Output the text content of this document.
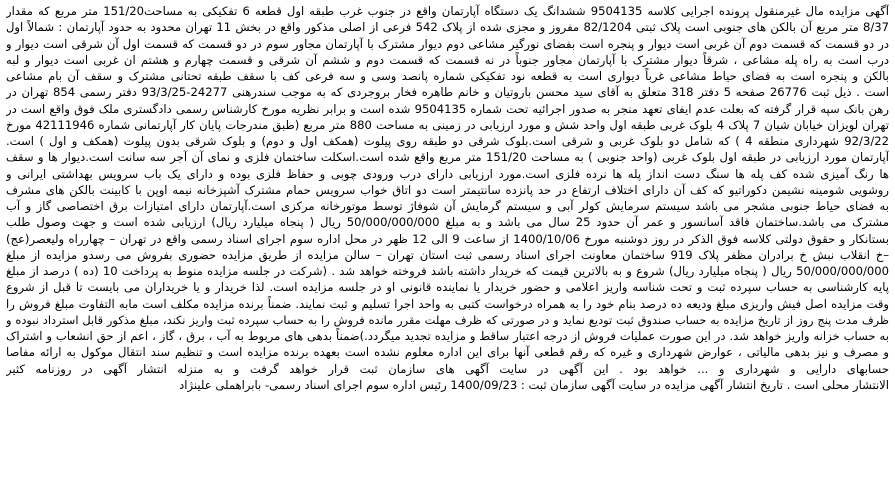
آگهی مزایده مال غیرمنقول پرونده اجرایی کلاسه 9504135 ششدانگ یک دستگاه آپارتمان واقع در جنوب غرب طبقه اول قطعه 6 تفکیکی به مساحت151/20 متر مربع که مقدار
8/37 متر مربع آن بالکن های جنوبی است پلاک ثبتی 82/1204 مفروز و مجزی شده از پلاک 542 فرعی از اصلی مذکور واقع در بخش 11 تهران محدود به حدود آپارتمان : شمالاً اول
در دو قسمت که قسمت دوم آن غربی است دیوار و پنجره است بفضای نورگیر مشاعی دوم دیوار مشترک با آپارتمان مجاور سوم در دو قسمت که قسمت اول آن شرقی است دیوار و
درب است به راه پله مشاعی ، شرقاً دیوار مشترک با آپارتمان مجاور جنوباً در نه قسمت که قسمت دوم و ششم آن شرقی و قسمت چهارم و هشتم ان غربی است دیوار و لبه
بالکن و پنجره است به فضای حیاط مشاعی غرباً دیواری است به قطعه نود تفکیکی شماره پانصد وسی و سه فرعی کف با سقف طبقه تحتانی مشترک و سقف آن بام مشاعی
است . ذیل ثبت 26776 صفحه 5 دفتر 318 متعلق به آقای سید محسن باروتیان و خانم طاهره فخار بروجردی که به موجب سندرهنی 24277-93/3/25 دفتر رسمی 854 تهران در
رهن بانک سپه قرار گرفته که بعلت عدم ایفای تعهد منجر به صدور اجرائیه تحت شماره 9504135 شده است و برابر نظریه مورخ کارشناس رسمی دادگستری ملک فوق واقع است در
تهران لویزان خیابان شیان 7 پلاک 4 بلوک غربی طبقه اول واحد شش و مورد ارزیابی در زمینی به مساحت 880 متر مربع (طبق مندرجات پایان کار آپارتمانی شماره 42111946 مورخ
92/3/22 شهرداری منطقه 4 ) که شامل دو بلوک غربی و شرقی است.بلوک شرقی دو طبقه روی پیلوت (همکف اول و دوم) و بلوک شرقی بدون پیلوت (همکف و اول ) است.
آپارتمان مورد ارزیابی در طبقه اول بلوک غربی (واحد جنوبی ) به مساحت 151/20 متر مربع واقع شده است.اسکلت ساختمان فلزی و نمای آن آجر سه سانت است.دیوار ها و سقف
ها رنگ آمیزی شده کف پله ها سنگ دست انداز پله ها نرده فلزی است.مورد ارزیابی دارای درب ورودی چوبی و حفاظ فلزی بوده و دارای یک باب سرویس بهداشتی ایرانی و
روشویی شومینه نشیمن دکوراتیو که کف آن دارای اختلاف ارتفاع در حد پانزده سانتیمتر است دو اتاق خواب سرویس حمام مشترک آشپزخانه نیمه اوپن با کابینت بالکن های مشرف
به فضای حیاط جنوبی مشجر می باشد سیستم سرمایش کولر آبی و سیستم گرمایش آن شوفاژ توسط موتورخانه مرکزی است.آپارتمان دارای امتیازات برق اختصاصی گاز و آب
مشترک می باشد.ساختمان فاقد آسانسور و عمر آن حدود 25 سال می باشد و به مبلغ 50/000/000/000 ریال ( پنجاه میلیارد ریال) ارزیابی شده است و جهت وصول طلب
بستانکار و حقوق دولتی کلاسه فوق الذکر در روز دوشنبه مورخ 1400/10/06 از ساعت 9 الی 12 ظهر در محل اداره سوم اجرای اسناد رسمی واقع در تهران – چهارراه ولیعصر(عج)
–خ انقلاب نبش خ برادران مظفر پلاک 919 ساختمان معاونت اجرای اسناد رسمی ثبت استان تهران – سالن مزایده از طریق مزایده حضوری بفروش می رسدو مزایده از مبلغ
50/000/000/000 ریال ( پنجاه میلیارد ریال) شروع و به بالاترین قیمت که خریدار داشته باشد فروخته خواهد شد . (شرکت در جلسه مزایده منوط به پرداخت 10 (ده ) درصد از مبلغ
پایه کارشناسی به حساب سپرده ثبت و تحت شناسه واریز اعلامی و حضور خریدار یا نماینده قانونی او در جلسه مزایده است. لذا خریدار و یا خریداران می بایست تا قبل از شروع
وقت مزایده اصل فیش واریزی مبلغ ودیعه ده درصد بنام خود را به همراه درخواست کتبی به واحد اجرا تسلیم و ثبت نمایند. ضمناً برنده مزایده مکلف است مابه التفاوت مبلغ فروش را
ظرف مدت پنج روز از تاریخ مزایده به حساب صندوق ثبت تودیع نماید و در صورتی که ظرف مهلت مقرر مانده فروش را به حساب سپرده ثبت واریز نکند، مبلغ مذکور قابل استرداد نبوده و
به حساب خزانه واریز خواهد شد. در این صورت عملیات فروش از درجه اعتبار ساقط و مزایده تجدید میگردد.)ضمناً بدهی های مربوط به آب ، برق ، گاز ، اعم از حق انشعاب و اشتراک
و مصرف و نیز بدهی مالیاتی ، عوارض شهرداری و غیره که رقم قطعی آنها برای این اداره معلوم نشده است بعهده برنده مزایده است و تنظیم سند انتقال موکول به ارائه مفاصا
حسابهای دارایی و شهرداری و ... خواهد بود . این آگهی در سایت آگهی های سازمان ثبت قرار خواهد گرفت و به منزله انتشار آگهی در روزنامه کثیر
الانتشار محلی است . تاریخ انتشار آگهی مزایده در سایت آگهی سازمان ثبت : 1400/09/23 رئیس اداره سوم اجرای اسناد رسمی- بابراهملی علینژاد
